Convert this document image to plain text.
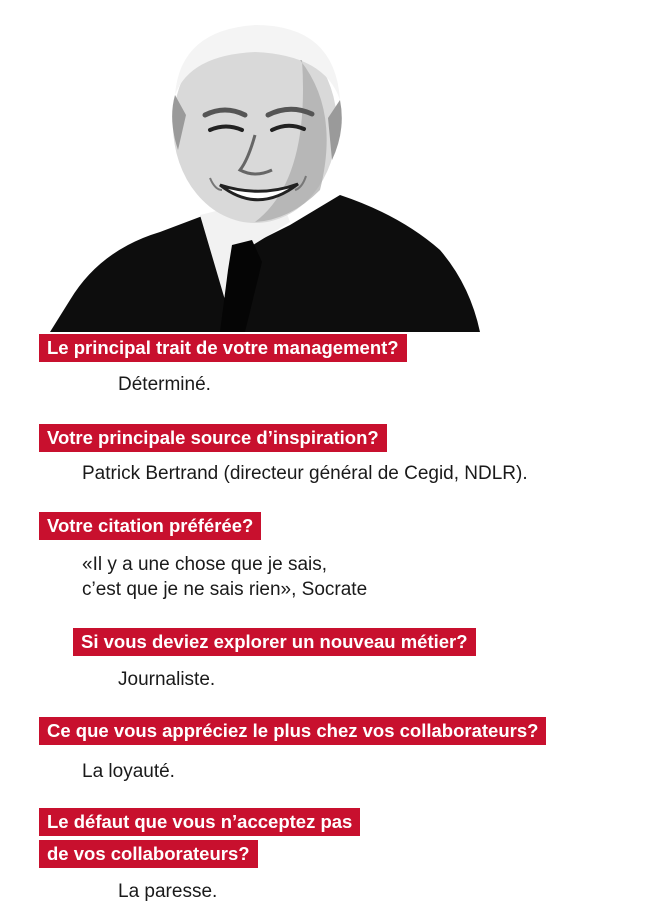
Le principal trait de votre management?
Déterminé.
Votre principale source d’inspiration?
Patrick Bertrand (directeur général de Cegid, NDLR).
Votre citation préférée?
«Il y a une chose que je sais,
c’est que je ne sais rien», Socrate
Si vous deviez explorer un nouveau métier?
Journaliste.
Ce que vous appréciez le plus chez vos collaborateurs?
La loyauté.
Le défaut que vous n’acceptez pas
de vos collaborateurs?
La paresse.
